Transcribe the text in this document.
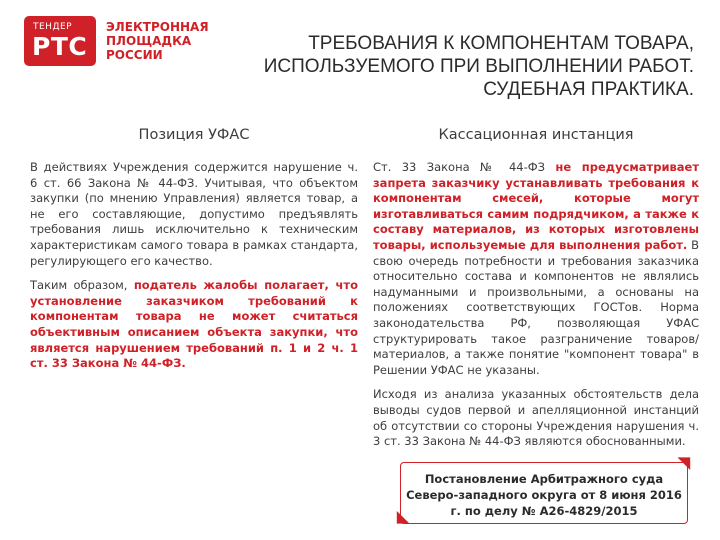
ТЕНДЕР
РТС
ЭЛЕКТРОННАЯ
ПЛОЩАДКА
РОССИИ
ТРЕБОВАНИЯ К КОМПОНЕНТАМ ТОВАРА,
ИСПОЛЬЗУЕМОГО ПРИ ВЫПОЛНЕНИИ РАБОТ.
СУДЕБНАЯ ПРАКТИКА.
Позиция УФАС	Кассационная инстанция

В действиях Учреждения содержится нарушение ч. 6 ст. 66 Закона № 44-ФЗ. Учитывая, что объектом закупки (по мнению Управления) является товар, а не его составляющие, допустимо предъявлять требования лишь исключительно к техническим характеристикам самого товара в рамках стандарта, регулирующего его качество.

Таким образом, податель жалобы полагает, что установление заказчиком требований к компонентам товара не может считаться объективным описанием объекта закупки, что является нарушением требований п. 1 и 2 ч. 1 ст. 33 Закона № 44-ФЗ.

Ст. 33 Закона № 44-ФЗ не предусматривает запрета заказчику устанавливать требования к компонентам смесей, которые могут изготавливаться самим подрядчиком, а также к составу материалов, из которых изготовлены товары, используемые для выполнения работ. В свою очередь потребности и требования заказчика относительно состава и компонентов не являлись надуманными и произвольными, а основаны на положениях соответствующих ГОСТов. Норма законодательства РФ, позволяющая УФАС структурировать такое разграничение товаров/материалов, а также понятие "компонент товара" в Решении УФАС не указаны.

Исходя из анализа указанных обстоятельств дела выводы судов первой и апелляционной инстанций об отсутствии со стороны Учреждения нарушения ч. 3 ст. 33 Закона № 44-ФЗ являются обоснованными.

Постановление Арбитражного суда
Северо-западного округа от 8 июня 2016
г. по делу № А26-4829/2015
